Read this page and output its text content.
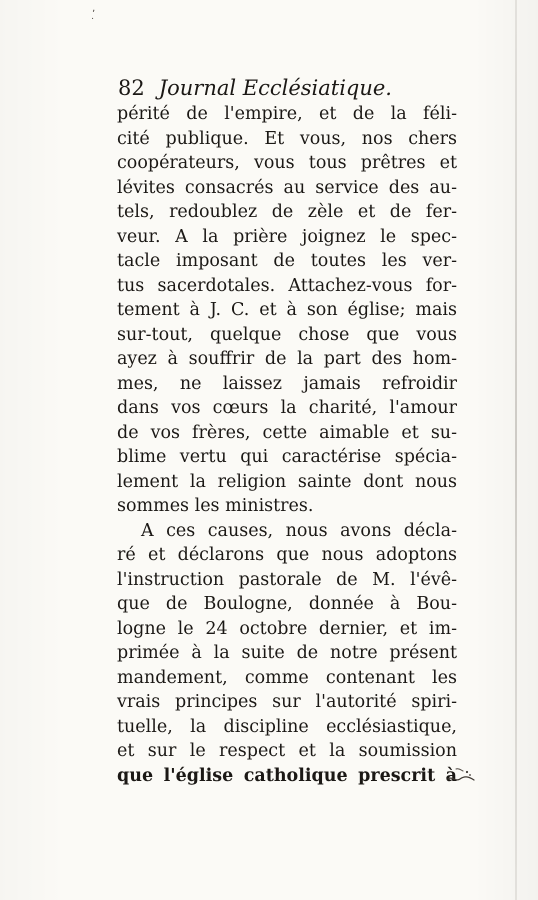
ʼ̣
82 Journal Ecclésiatique.
périté de l'empire, et de la féli-
cité publique. Et vous, nos chers
coopérateurs, vous tous prêtres et
lévites consacrés au service des au-
tels, redoublez de zèle et de fer-
veur. A la prière joignez le spec-
tacle imposant de toutes les ver-
tus sacerdotales. Attachez-vous for-
tement à J. C. et à son église; mais
sur-tout, quelque chose que vous
ayez à souffrir de la part des hom-
mes, ne laissez jamais refroidir
dans vos cœurs la charité, l'amour
de vos frères, cette aimable et su-
blime vertu qui caractérise spécia-
lement la religion sainte dont nous
sommes les ministres.
A ces causes, nous avons décla-
ré et déclarons que nous adoptons
l'instruction pastorale de M. l'évê-
que de Boulogne, donnée à Bou-
logne le 24 octobre dernier, et im-
primée à la suite de notre présent
mandement, comme contenant les
vrais principes sur l'autorité spiri-
tuelle, la discipline ecclésiastique,
et sur le respect et la soumission
que l'église catholique prescrit à
